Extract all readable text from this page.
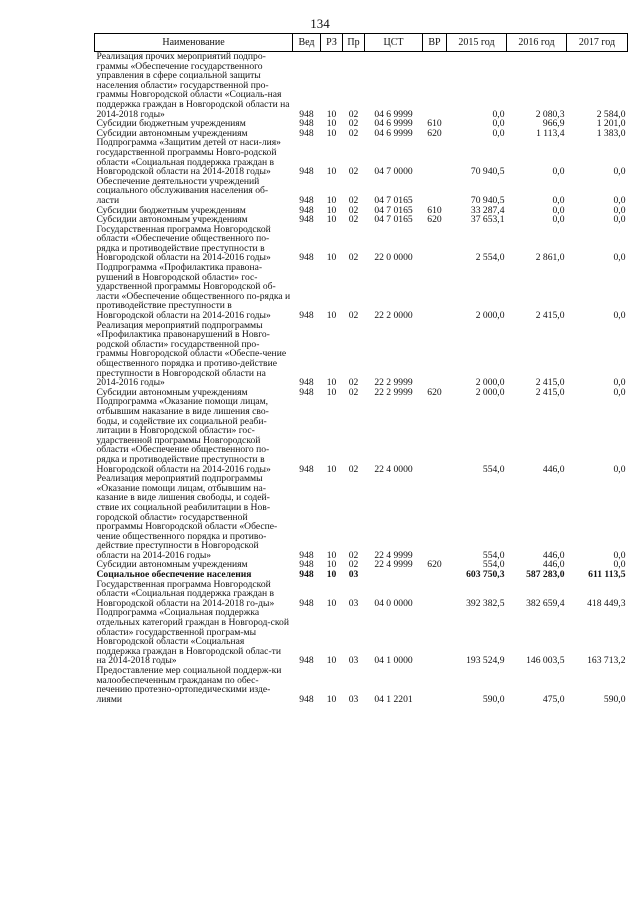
134
Наименование	Вед	РЗ	Пр	ЦСТ	ВР	2015 год	2016 год	2017 год
Реализация прочих мероприятий подпро-граммы «Обеспечение государственного управления в сфере социальной защиты населения области» государственной про-граммы Новгородской области «Социаль-ная поддержка граждан в Новгородской области на 2014-2018 годы»	948	10	02	04 6 9999		0,0	2 080,3	2 584,0
Субсидии бюджетным учреждениям	948	10	02	04 6 9999	610	0,0	966,9	1 201,0
Субсидии автономным учреждениям	948	10	02	04 6 9999	620	0,0	1 113,4	1 383,0
Подпрограмма «Защитим детей от наси-лия» государственной программы Новго-родской области «Социальная поддержка граждан в Новгородской области на 2014-2018 годы»	948	10	02	04 7 0000		70 940,5	0,0	0,0
Обеспечение деятельности учреждений социального обслуживания населения об-ласти	948	10	02	04 7 0165		70 940,5	0,0	0,0
Субсидии бюджетным учреждениям	948	10	02	04 7 0165	610	33 287,4	0,0	0,0
Субсидии автономным учреждениям	948	10	02	04 7 0165	620	37 653,1	0,0	0,0
Государственная программа Новгородской области «Обеспечение общественного по-рядка и противодействие преступности в Новгородской области на 2014-2016 годы»	948	10	02	22 0 0000		2 554,0	2 861,0	0,0
Подпрограмма «Профилактика правона-рушений в Новгородской области» гос-ударственной программы Новгородской об-ласти «Обеспечение общественного по-рядка и противодействие преступности в Новгородской области на 2014-2016 годы»	948	10	02	22 2 0000		2 000,0	2 415,0	0,0
Реализация мероприятий подпрограммы «Профилактика правонарушений в Новго-родской области» государственной про-граммы Новгородской области «Обеспе-чение общественного порядка и противо-действие преступности в Новгородской области на 2014-2016 годы»	948	10	02	22 2 9999		2 000,0	2 415,0	0,0
Субсидии автономным учреждениям	948	10	02	22 2 9999	620	2 000,0	2 415,0	0,0
Подпрограмма «Оказание помощи лицам, отбывшим наказание в виде лишения сво-боды, и содействие их социальной реаби-литации в Новгородской области» гос-ударственной программы Новгородской области «Обеспечение общественного по-рядка и противодействие преступности в Новгородской области на 2014-2016 годы»	948	10	02	22 4 0000		554,0	446,0	0,0
Реализация мероприятий подпрограммы «Оказание помощи лицам, отбывшим на-казание в виде лишения свободы, и содей-ствие их социальной реабилитации в Нов-городской области» государственной программы Новгородской области «Обеспе-чение общественного порядка и противо-действие преступности в Новгородской области на 2014-2016 годы»	948	10	02	22 4 9999		554,0	446,0	0,0
Субсидии автономным учреждениям	948	10	02	22 4 9999	620	554,0	446,0	0,0
Социальное обеспечение населения	948	10	03			603 750,3	587 283,0	611 113,5
Государственная программа Новгородской области «Социальная поддержка граждан в Новгородской области на 2014-2018 го-ды»	948	10	03	04 0 0000		392 382,5	382 659,4	418 449,3
Подпрограмма «Социальная поддержка отдельных категорий граждан в Новгород-ской области» государственной програм-мы Новгородской области «Социальная поддержка граждан в Новгородской облас-ти на 2014-2018 годы»	948	10	03	04 1 0000		193 524,9	146 003,5	163 713,2
Предоставление мер социальной поддерж-ки малообеспеченным гражданам по обес-печению протезно-ортопедическими изде-лиями	948	10	03	04 1 2201		590,0	475,0	590,0
